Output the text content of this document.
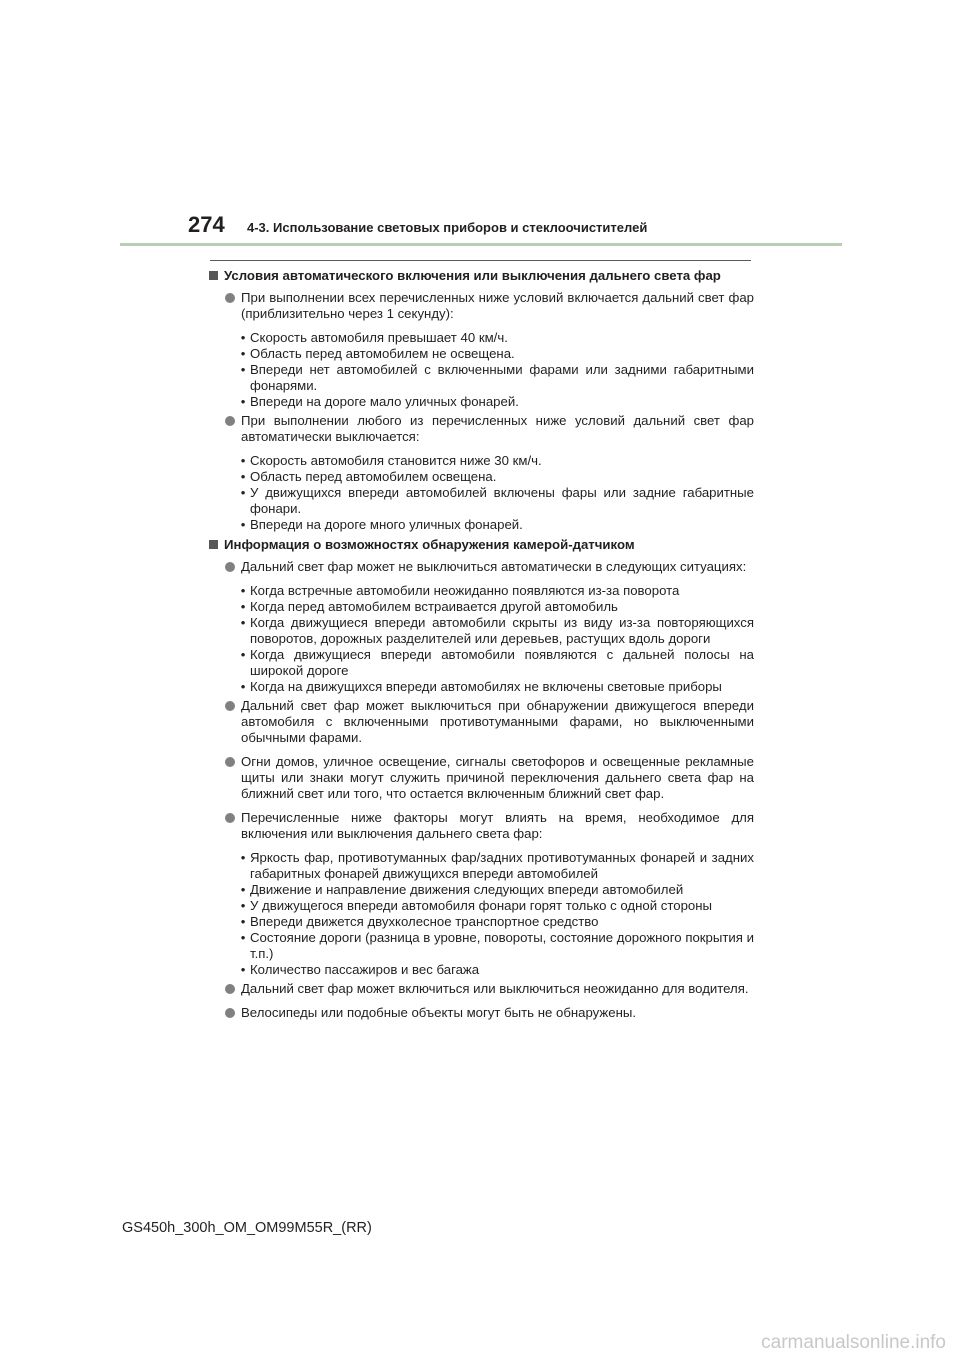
274 4-3. Использование световых приборов и стеклоочистителей
Условия автоматического включения или выключения дальнего света фар
При выполнении всех перечисленных ниже условий включается дальний свет фар (приблизительно через 1 секунду):
• Скорость автомобиля превышает 40 км/ч.
• Область перед автомобилем не освещена.
• Впереди нет автомобилей с включенными фарами или задними габаритными фонарями.
• Впереди на дороге мало уличных фонарей.
При выполнении любого из перечисленных ниже условий дальний свет фар автоматически выключается:
• Скорость автомобиля становится ниже 30 км/ч.
• Область перед автомобилем освещена.
• У движущихся впереди автомобилей включены фары или задние габаритные фонари.
• Впереди на дороге много уличных фонарей.
Информация о возможностях обнаружения камерой-датчиком
Дальний свет фар может не выключиться автоматически в следующих ситуациях:
• Когда встречные автомобили неожиданно появляются из-за поворота
• Когда перед автомобилем встраивается другой автомобиль
• Когда движущиеся впереди автомобили скрыты из виду из-за повторяющихся поворотов, дорожных разделителей или деревьев, растущих вдоль дороги
• Когда движущиеся впереди автомобили появляются с дальней полосы на широкой дороге
• Когда на движущихся впереди автомобилях не включены световые приборы
Дальний свет фар может выключиться при обнаружении движущегося впереди автомобиля с включенными противотуманными фарами, но выключенными обычными фарами.
Огни домов, уличное освещение, сигналы светофоров и освещенные рекламные щиты или знаки могут служить причиной переключения дальнего света фар на ближний свет или того, что остается включенным ближний свет фар.
Перечисленные ниже факторы могут влиять на время, необходимое для включения или выключения дальнего света фар:
• Яркость фар, противотуманных фар/задних противотуманных фонарей и задних габаритных фонарей движущихся впереди автомобилей
• Движение и направление движения следующих впереди автомобилей
• У движущегося впереди автомобиля фонари горят только с одной стороны
• Впереди движется двухколесное транспортное средство
• Состояние дороги (разница в уровне, повороты, состояние дорожного покрытия и т.п.)
• Количество пассажиров и вес багажа
Дальний свет фар может включиться или выключиться неожиданно для водителя.
Велосипеды или подобные объекты могут быть не обнаружены.
GS450h_300h_OM_OM99M55R_(RR)
carmanualsonline.info
